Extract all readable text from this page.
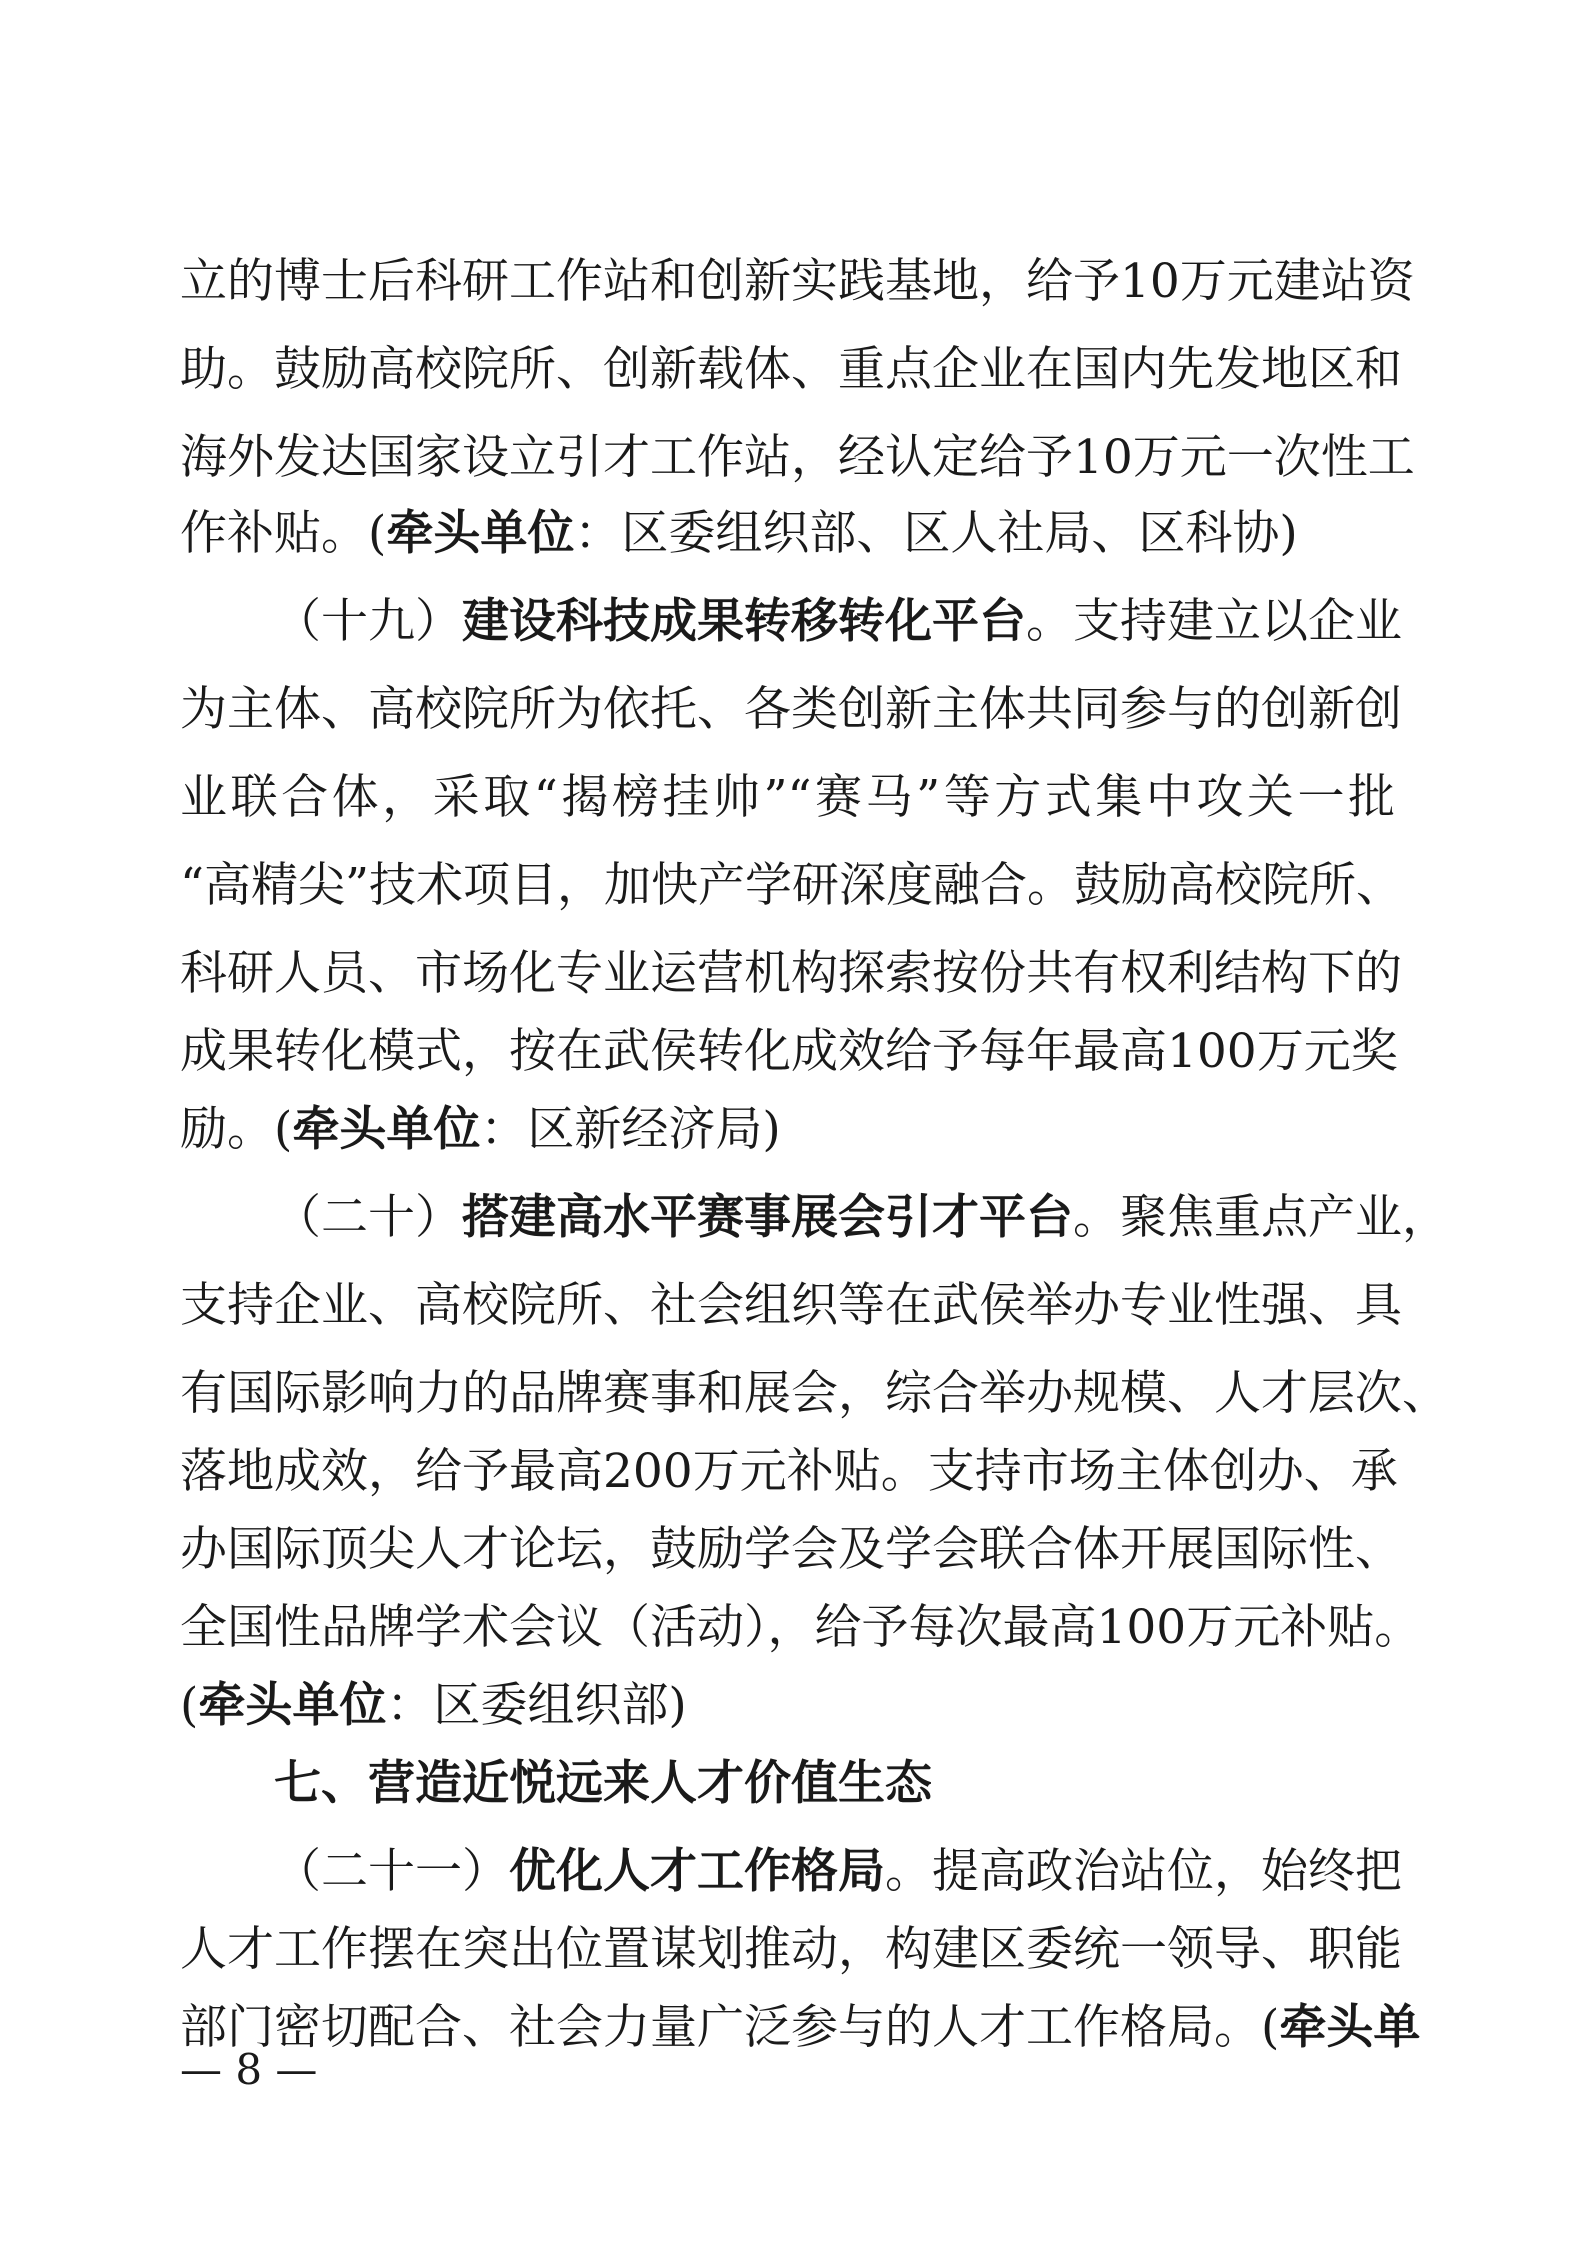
立的博士后科研工作站和创新实践基地，给予10万元建站资
助。鼓励高校院所、创新载体、重点企业在国内先发地区和
海外发达国家设立引才工作站，经认定给予10万元一次性工
作补贴。(牵头单位：区委组织部、区人社局、区科协)
（十九）建设科技成果转移转化平台。支持建立以企业
为主体、高校院所为依托、各类创新主体共同参与的创新创
业联合体，采取“揭榜挂帅”“赛马”等方式集中攻关一批
“高精尖”技术项目，加快产学研深度融合。鼓励高校院所、
科研人员、市场化专业运营机构探索按份共有权利结构下的
成果转化模式，按在武侯转化成效给予每年最高100万元奖
励。(牵头单位：区新经济局)
（二十）搭建高水平赛事展会引才平台。聚焦重点产业，
支持企业、高校院所、社会组织等在武侯举办专业性强、具
有国际影响力的品牌赛事和展会，综合举办规模、人才层次、
落地成效，给予最高200万元补贴。支持市场主体创办、承
办国际顶尖人才论坛，鼓励学会及学会联合体开展国际性、
全国性品牌学术会议（活动），给予每次最高100万元补贴。
(牵头单位：区委组织部)
七、营造近悦远来人才价值生态
（二十一）优化人才工作格局。提高政治站位，始终把
人才工作摆在突出位置谋划推动，构建区委统一领导、职能
部门密切配合、社会力量广泛参与的人才工作格局。(牵头单
— 8 —
